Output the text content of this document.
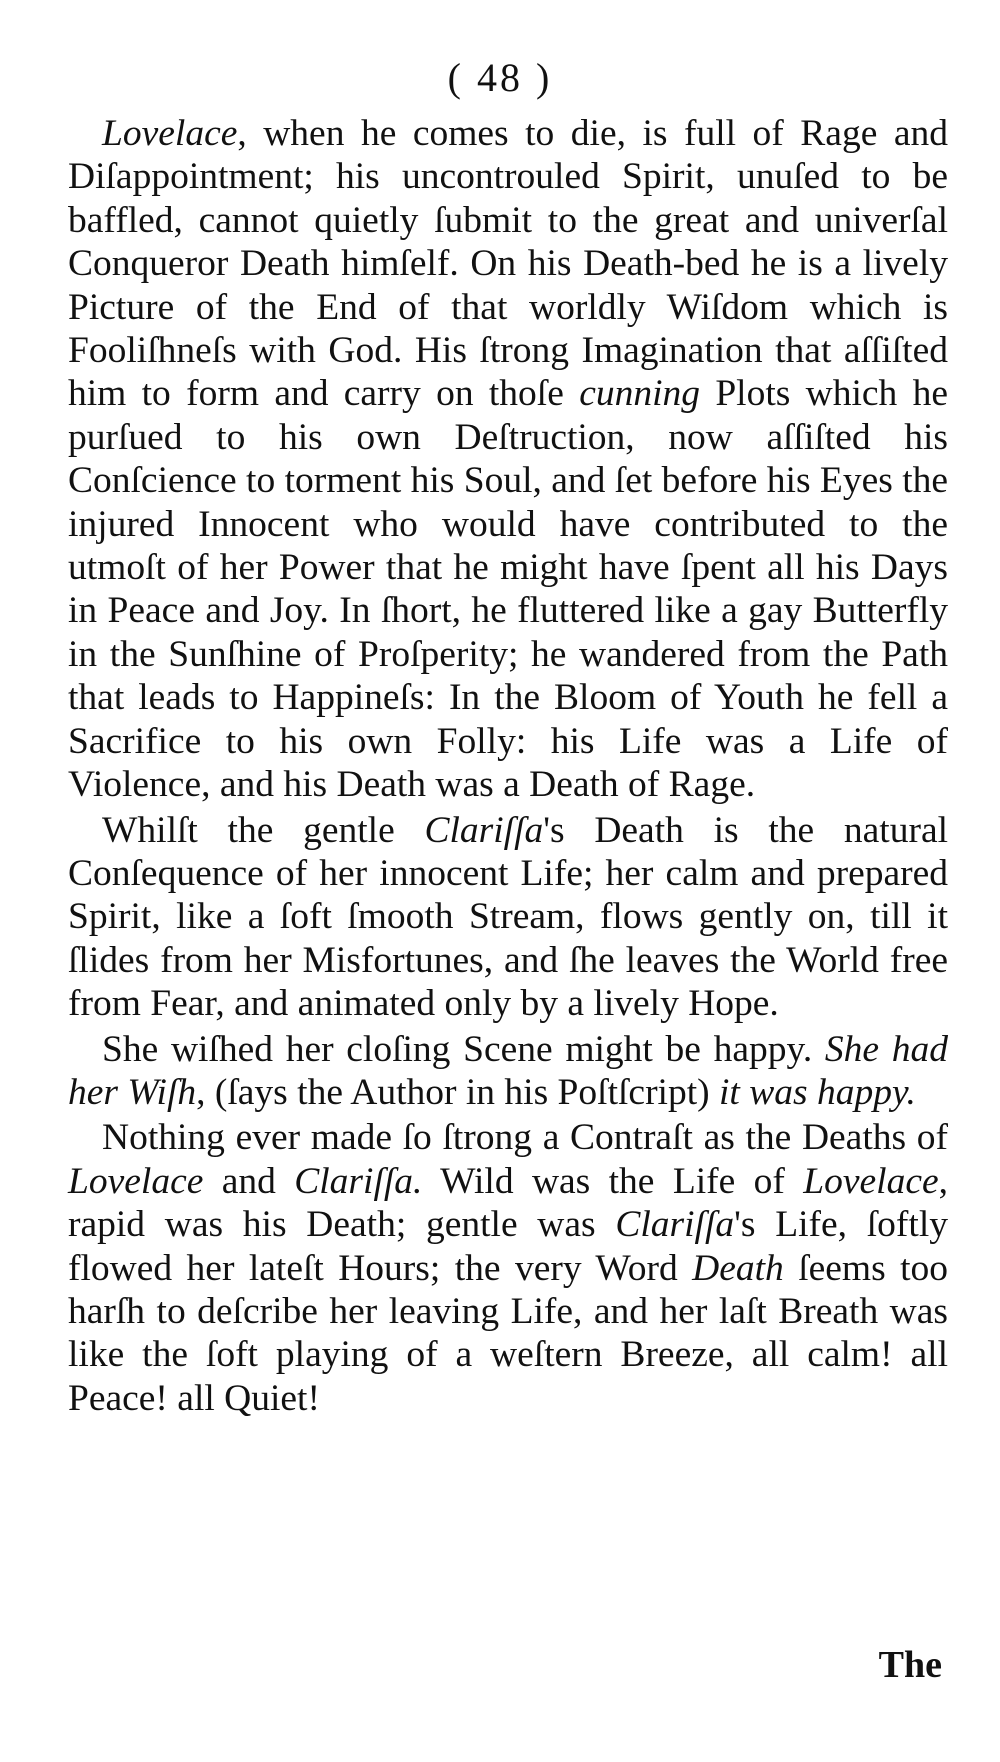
( 48 )

Lovelace, when he comes to die, is full of Rage and Diſappointment; his uncontrouled Spirit, unuſed to be baffled, cannot quietly ſubmit to the great and univerſal Conqueror Death himſelf. On his Death-bed he is a lively Picture of the End of that worldly Wiſdom which is Fooliſhneſs with God. His ſtrong Imagination that aſſiſted him to form and carry on thoſe cunning Plots which he purſued to his own Deſtruction, now aſſiſted his Conſcience to torment his Soul, and ſet before his Eyes the injured Innocent who would have contributed to the utmoſt of her Power that he might have ſpent all his Days in Peace and Joy. In ſhort, he fluttered like a gay Butterfly in the Sunſhine of Proſperity; he wandered from the Path that leads to Happineſs: In the Bloom of Youth he fell a Sacrifice to his own Folly: his Life was a Life of Violence, and his Death was a Death of Rage.

Whilſt the gentle Clariſſa's Death is the natural Conſequence of her innocent Life; her calm and prepared Spirit, like a ſoft ſmooth Stream, flows gently on, till it ſlides from her Misfortunes, and ſhe leaves the World free from Fear, and animated only by a lively Hope.

She wiſhed her cloſing Scene might be happy. She had her Wiſh, (ſays the Author in his Poſtſcript) it was happy.

Nothing ever made ſo ſtrong a Contraſt as the Deaths of Lovelace and Clariſſa. Wild was the Life of Lovelace, rapid was his Death; gentle was Clariſſa's Life, ſoftly flowed her lateſt Hours; the very Word Death ſeems too harſh to deſcribe her leaving Life, and her laſt Breath was like the ſoft playing of a weſtern Breeze, all calm! all Peace! all Quiet!

The
